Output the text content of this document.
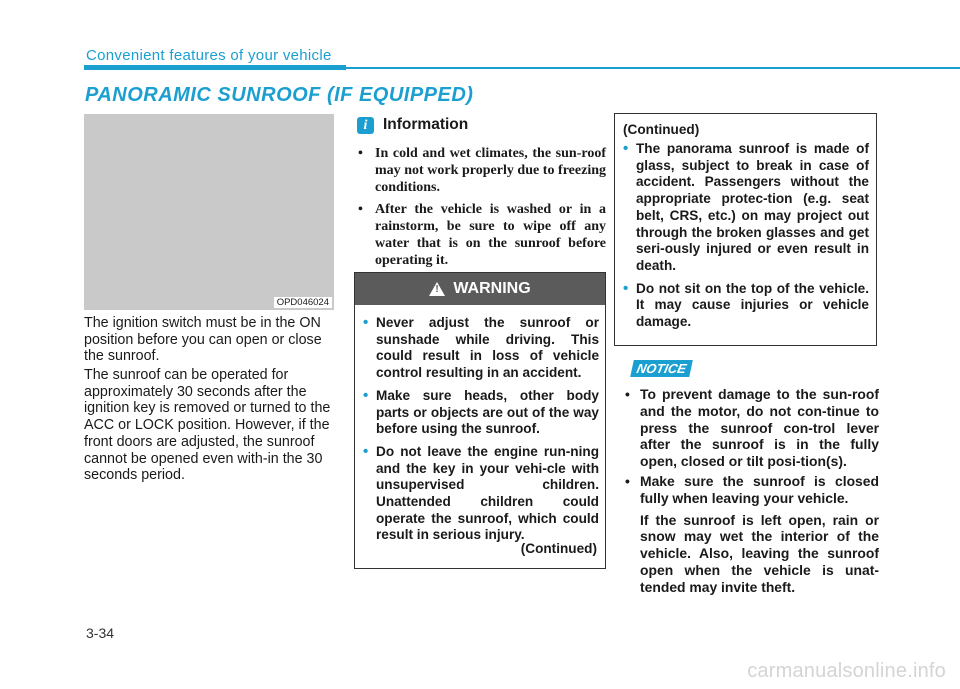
Convenient features of your vehicle
PANORAMIC SUNROOF (IF EQUIPPED)
OPD046024

The ignition switch must be in the ON position before you can open or close the sunroof.

The sunroof can be operated for approximately 30 seconds after the ignition key is removed or turned to the ACC or LOCK position. However, if the front doors are adjusted, the sunroof cannot be opened even with-in the 30 seconds period.

i	Information
• In cold and wet climates, the sun-roof may not work properly due to freezing conditions.
• After the vehicle is washed or in a rainstorm, be sure to wipe off any water that is on the sunroof before operating it.
! WARNING
• Never adjust the sunroof or sunshade while driving. This could result in loss of vehicle control resulting in an accident.
• Make sure heads, other body parts or objects are out of the way before using the sunroof.
• Do not leave the engine run-ning and the key in your vehi-cle with unsupervised children. Unattended children could operate the sunroof, which could result in serious injury.
(Continued)
(Continued)
• The panorama sunroof is made of glass, subject to break in case of accident. Passengers without the appropriate protec-tion (e.g. seat belt, CRS, etc.) on may project out through the broken glasses and get seri-ously injured or even result in death.
• Do not sit on the top of the vehicle. It may cause injuries or vehicle damage.
NOTICE
• To prevent damage to the sun-roof and the motor, do not con-tinue to press the sunroof con-trol lever after the sunroof is in the fully open, closed or tilt posi-tion(s).
• Make sure the sunroof is closed fully when leaving your vehicle.
If the sunroof is left open, rain or snow may wet the interior of the vehicle. Also, leaving the sunroof open when the vehicle is unat-tended may invite theft.
3-34
carmanualsonline.info
